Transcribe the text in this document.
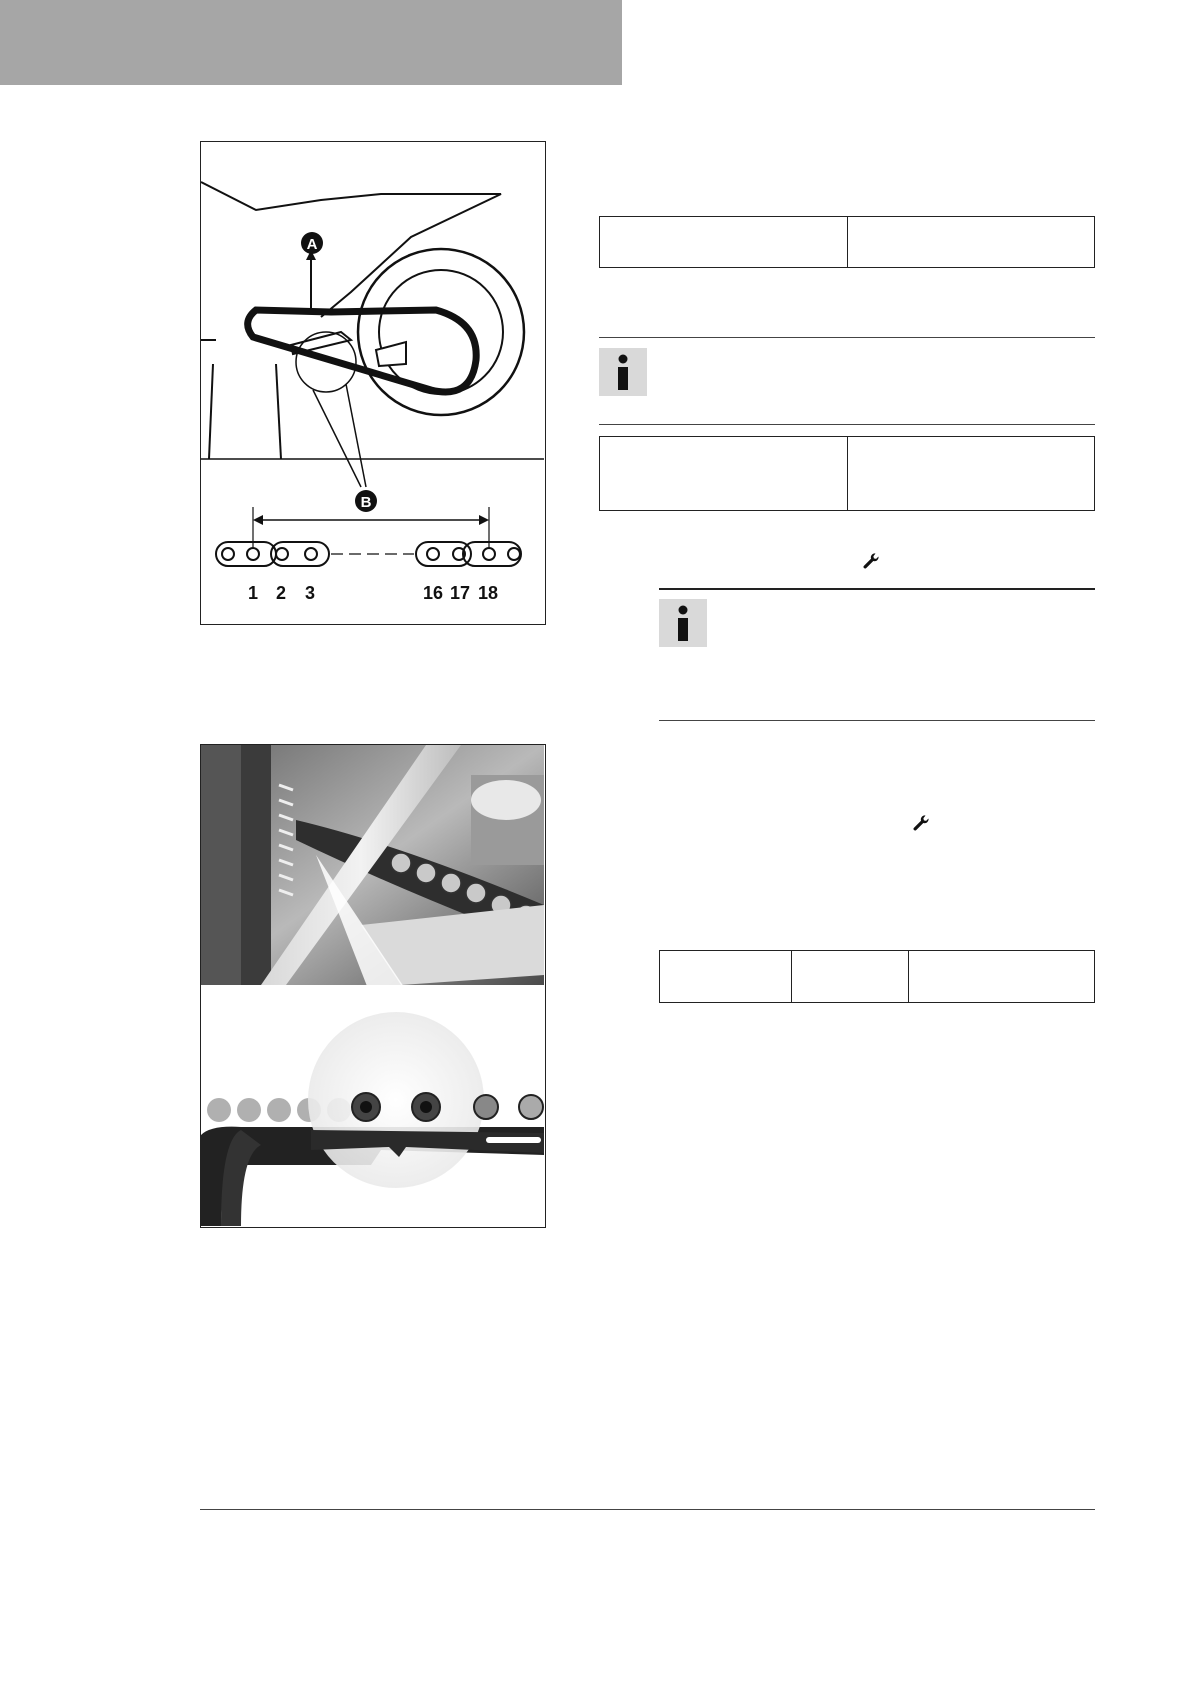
A
B
1 2 3	16 17 18
